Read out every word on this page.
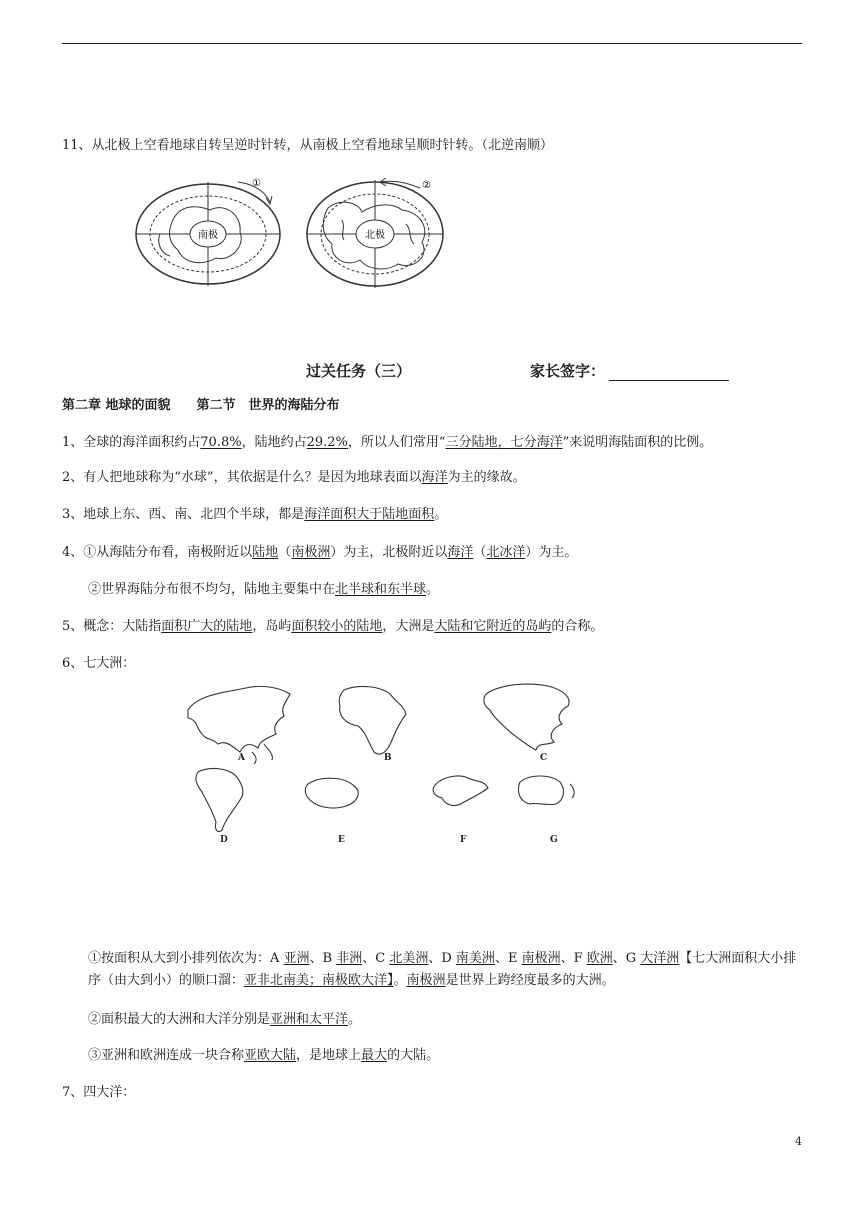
11、从北极上空看地球自转呈逆时针转，从南极上空看地球呈顺时针转。（北逆南顺）
南极
①
北极
②
过关任务（三）	家长签字：
第二章 地球的面貌　　第二节　世界的海陆分布
1、全球的海洋面积约占70.8%，陆地约占29.2%，所以人们常用“三分陆地，七分海洋”来说明海陆面积的比例。
2、有人把地球称为“水球”，其依据是什么？是因为地球表面以海洋为主的缘故。
3、地球上东、西、南、北四个半球，都是海洋面积大于陆地面积。
4、①从海陆分布看，南极附近以陆地（南极洲）为主，北极附近以海洋（北冰洋）为主。
②世界海陆分布很不均匀，陆地主要集中在北半球和东半球。
5、概念：大陆指面积广大的陆地，岛屿面积较小的陆地，大洲是大陆和它附近的岛屿的合称。
6、七大洲：
A	B	C
D	E	F	G
①按面积从大到小排列依次为：A 亚洲、B 非洲、C 北美洲、D 南美洲、E 南极洲、F 欧洲、G 大洋洲【七大洲面积大小排序（由大到小）的顺口溜：亚非北南美；南极欧大洋】。南极洲是世界上跨经度最多的大洲。
②面积最大的大洲和大洋分别是亚洲和太平洋。
③亚洲和欧洲连成一块合称亚欧大陆，是地球上最大的大陆。
7、四大洋：
4
